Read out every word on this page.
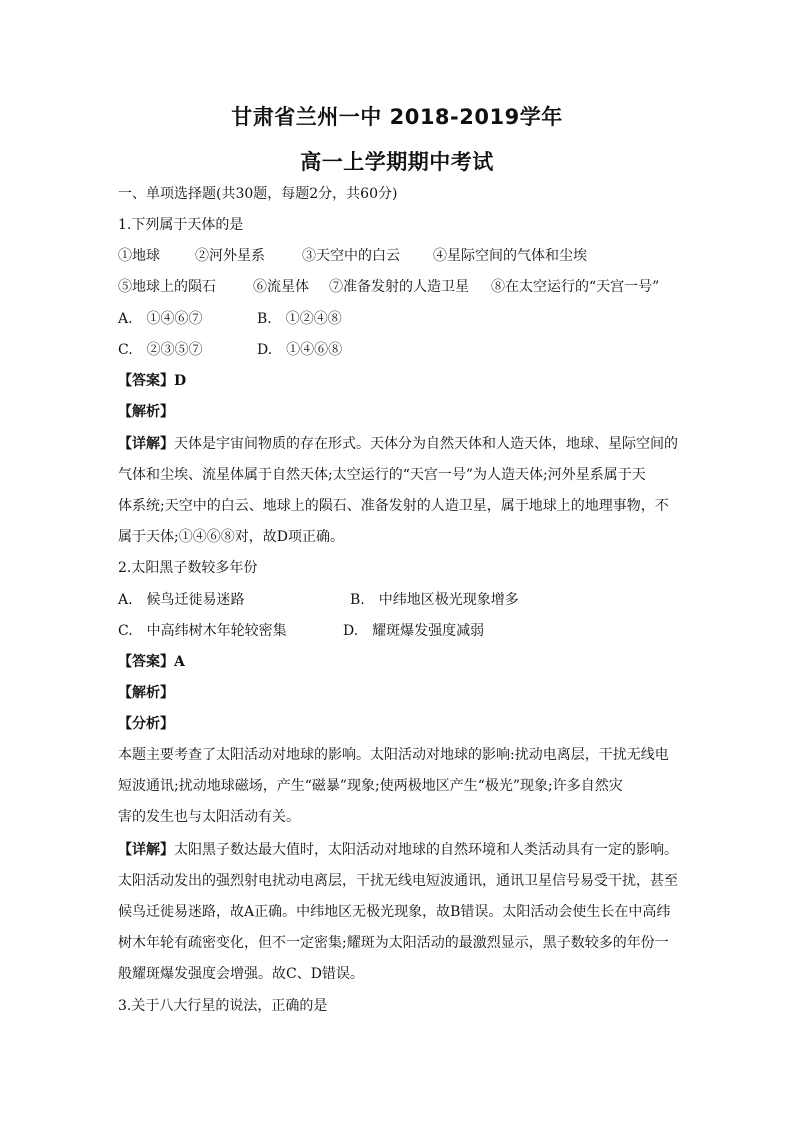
甘肃省兰州一中 2018-2019学年
高一上学期期中考试
一、单项选择题(共30题，每题2分，共60分)
1.下列属于天体的是
①地球	②河外星系	③天空中的白云 ④星际空间的气体和尘埃
⑤地球上的陨石	⑥流星体 ⑦准备发射的人造卫星 ⑧在太空运行的“天宫一号”
A.　①④⑥⑦	B.　①②④⑧
C.　②③⑤⑦	D.　①④⑥⑧
【答案】D
【解析】
【详解】天体是宇宙间物质的存在形式。天体分为自然天体和人造天体，地球、星际空间的
气体和尘埃、流星体属于自然天体;太空运行的“天宫一号”为人造天体;河外星系属于天
体系统;天空中的白云、地球上的陨石、准备发射的人造卫星，属于地球上的地理事物，不
属于天体;①④⑥⑧对，故D项正确。
2.太阳黑子数较多年份
A.　候鸟迁徙易迷路	B.　中纬地区极光现象增多
C.　中高纬树木年轮较密集	D.　耀斑爆发强度减弱
【答案】A
【解析】
【分析】
本题主要考查了太阳活动对地球的影响。太阳活动对地球的影响:扰动电离层，干扰无线电
短波通讯;扰动地球磁场，产生“磁暴”现象;使两极地区产生“极光”现象;许多自然灾
害的发生也与太阳活动有关。
【详解】太阳黑子数达最大值时，太阳活动对地球的自然环境和人类活动具有一定的影响。
太阳活动发出的强烈射电扰动电离层，干扰无线电短波通讯，通讯卫星信号易受干扰，甚至
候鸟迁徙易迷路，故A正确。中纬地区无极光现象，故B错误。太阳活动会使生长在中高纬
树木年轮有疏密变化，但不一定密集;耀斑为太阳活动的最激烈显示，黑子数较多的年份一
般耀斑爆发强度会增强。故C、D错误。
3.关于八大行星的说法，正确的是
